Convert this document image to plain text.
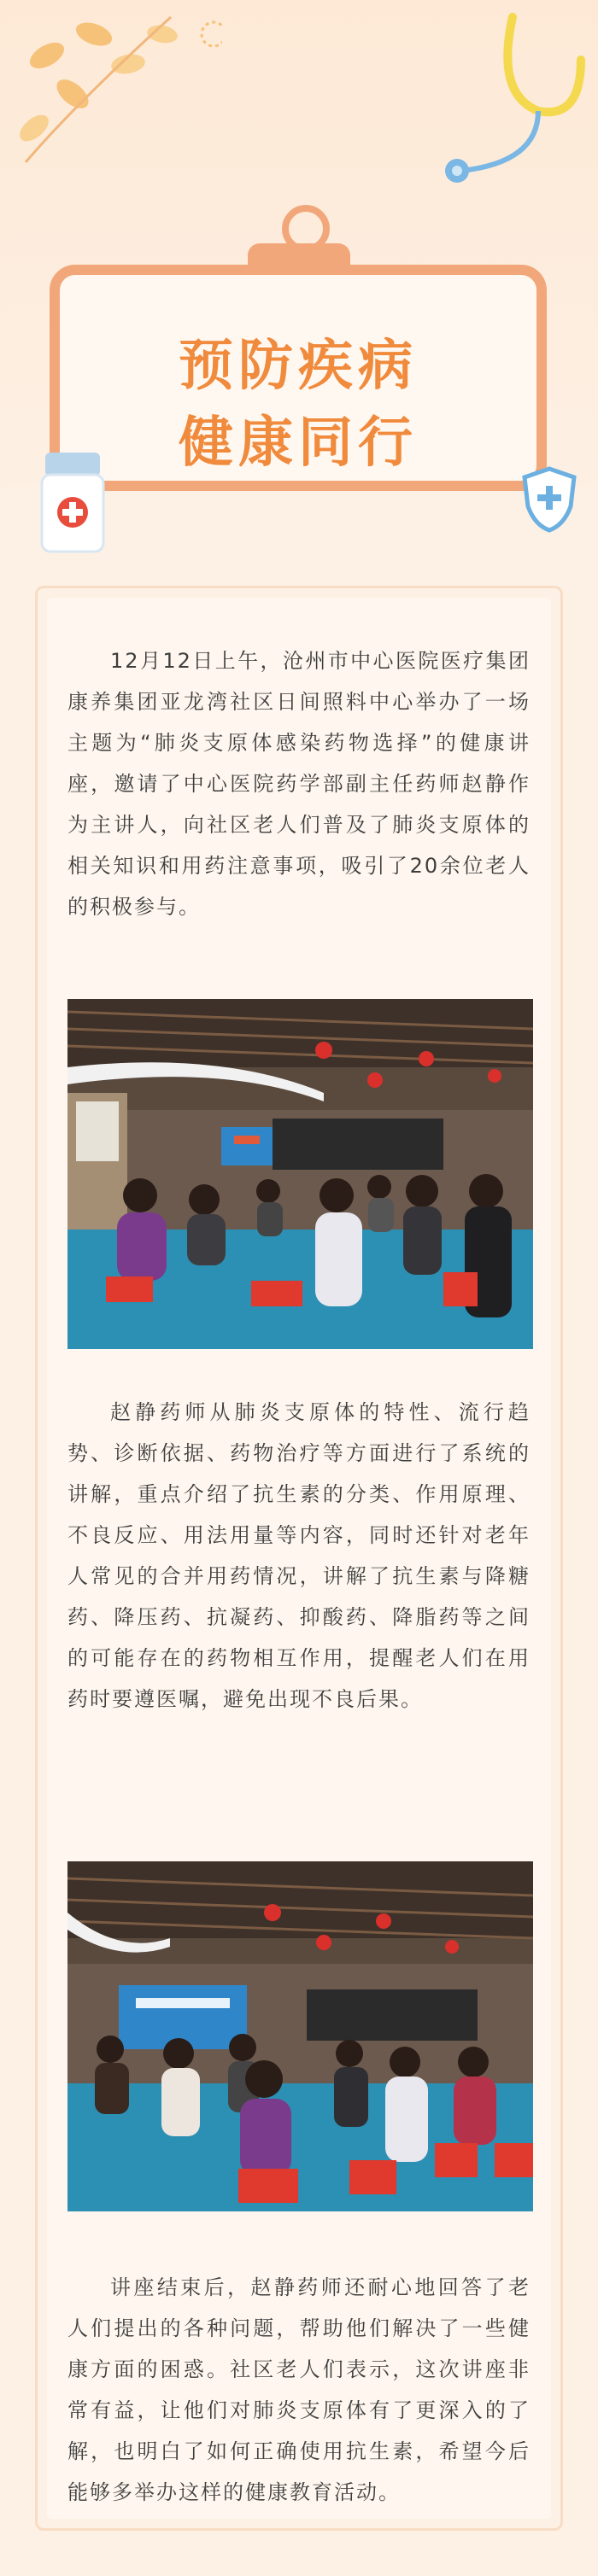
预防疾病
健康同行
12月12日上午，沧州市中心医院医疗集团康养集团亚龙湾社区日间照料中心举办了一场主题为“肺炎支原体感染药物选择”的健康讲座，邀请了中心医院药学部副主任药师赵静作为主讲人，向社区老人们普及了肺炎支原体的相关知识和用药注意事项，吸引了20余位老人的积极参与。
赵静药师从肺炎支原体的特性、流行趋势、诊断依据、药物治疗等方面进行了系统的讲解，重点介绍了抗生素的分类、作用原理、不良反应、用法用量等内容，同时还针对老年人常见的合并用药情况，讲解了抗生素与降糖药、降压药、抗凝药、抑酸药、降脂药等之间的可能存在的药物相互作用，提醒老人们在用药时要遵医嘱，避免出现不良后果。
讲座结束后，赵静药师还耐心地回答了老人们提出的各种问题，帮助他们解决了一些健康方面的困惑。社区老人们表示，这次讲座非常有益，让他们对肺炎支原体有了更深入的了解，也明白了如何正确使用抗生素，希望今后能够多举办这样的健康教育活动。
